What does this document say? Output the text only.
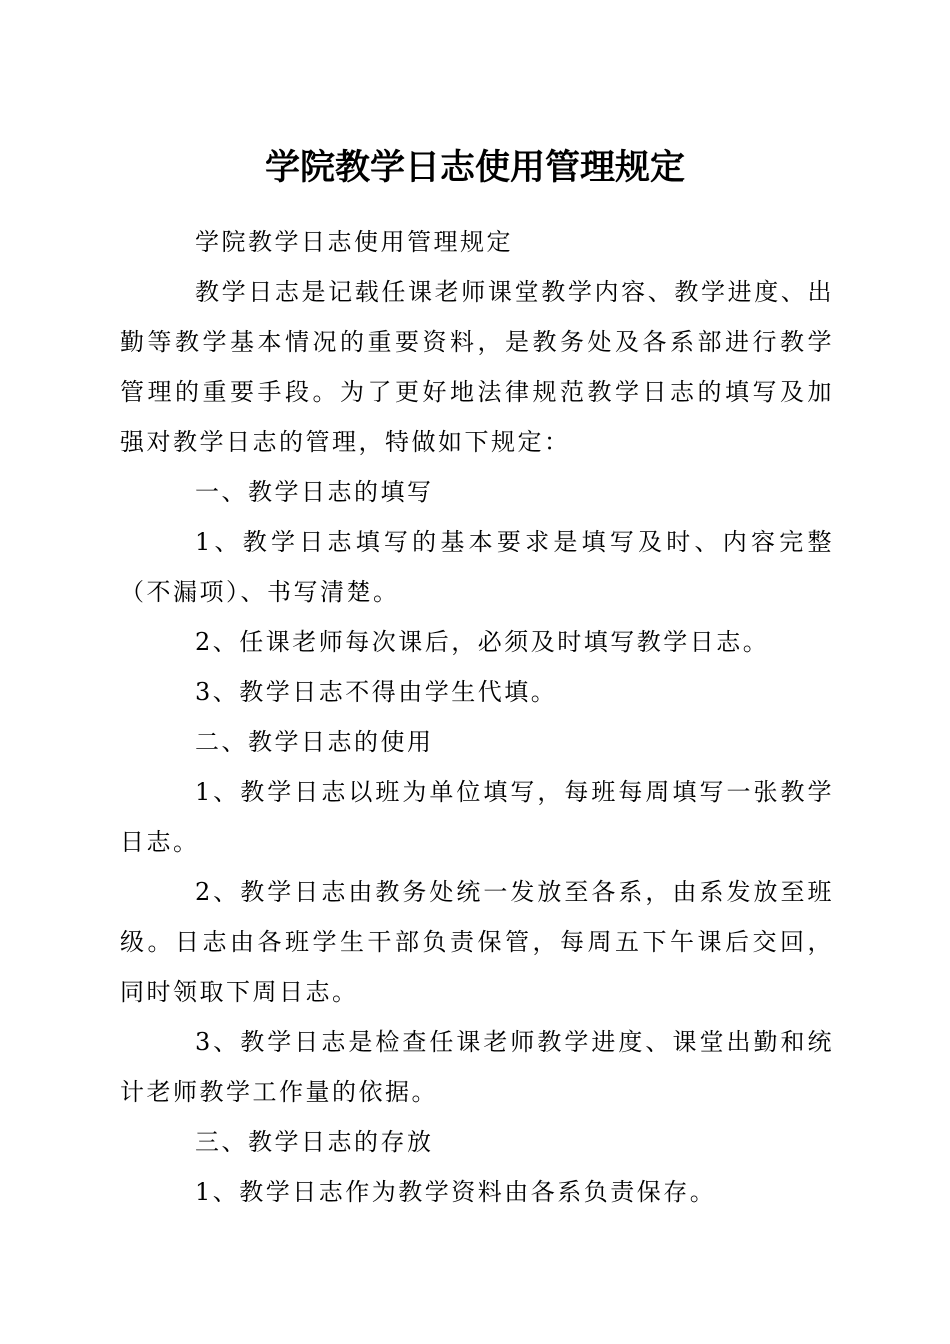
学院教学日志使用管理规定

学院教学日志使用管理规定

教学日志是记载任课老师课堂教学内容、教学进度、出勤等教学基本情况的重要资料，是教务处及各系部进行教学管理的重要手段。为了更好地法律规范教学日志的填写及加强对教学日志的管理，特做如下规定：

一、教学日志的填写

1、教学日志填写的基本要求是填写及时、内容完整（不漏项）、书写清楚。

2、任课老师每次课后，必须及时填写教学日志。

3、教学日志不得由学生代填。

二、教学日志的使用

1、教学日志以班为单位填写，每班每周填写一张教学日志。

2、教学日志由教务处统一发放至各系，由系发放至班级。日志由各班学生干部负责保管，每周五下午课后交回，同时领取下周日志。

3、教学日志是检查任课老师教学进度、课堂出勤和统计老师教学工作量的依据。

三、教学日志的存放

1、教学日志作为教学资料由各系负责保存。
